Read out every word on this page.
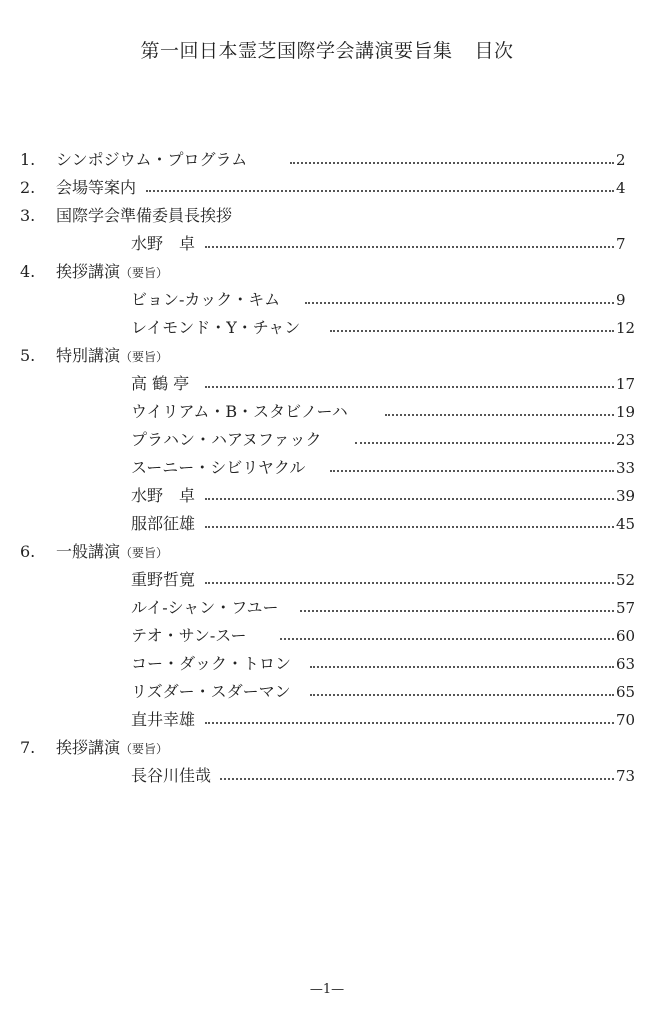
第一回日本霊芝国際学会講演要旨集 目次
1. シンポジウム・プログラム	2
2. 会場等案内	4
3. 国際学会準備委員長挨拶
水野　卓	7
4. 挨拶講演（要旨）
ビョン-カック・キム	9
レイモンド・Y・チャン	12
5. 特別講演（要旨）
高 鶴 亭	17
ウイリアム・B・スタビノーハ	19
プラハン・ハアヌファック	23
スーニー・シビリヤクル	33
水野　卓	39
服部征雄	45
6. 一般講演（要旨）
重野哲寛	52
ルイ-シャン・フユー	57
テオ・サン-スー	60
コー・ダック・トロン	63
リズダー・スダーマン	65
直井幸雄	70
7. 挨拶講演（要旨）
長谷川佳哉	73
—1—
